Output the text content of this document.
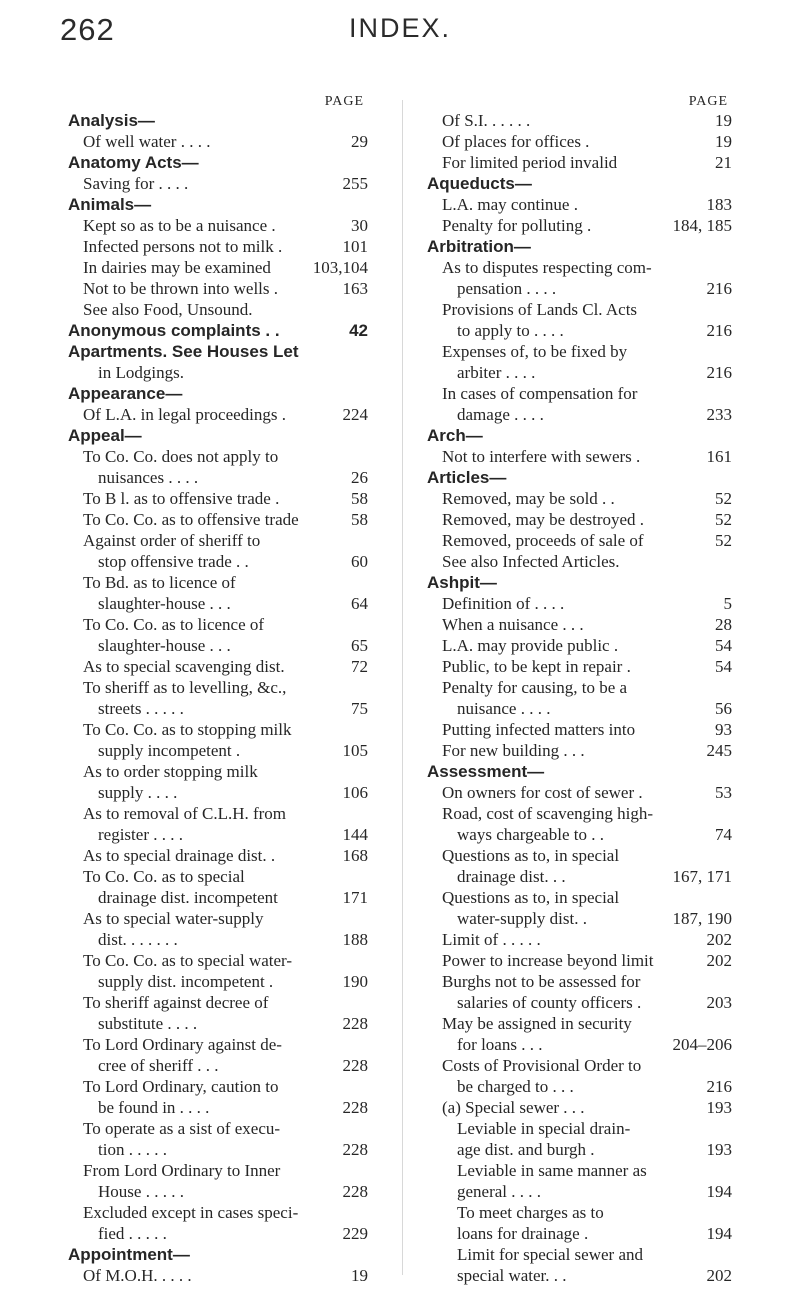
262	INDEX.
PAGE
Analysis—
Of well water . . . .	29
Anatomy Acts—
Saving for . . . .	255
Animals—
Kept so as to be a nuisance .	30
Infected persons not to milk .	101
In dairies may be examined	103,104
Not to be thrown into wells .	163
See also Food, Unsound.
Anonymous complaints . .	42
Apartments. See Houses Let
in Lodgings.
Appearance—
Of L.A. in legal proceedings .	224
Appeal—
To Co. Co. does not apply to
nuisances . . . .	26
To B l. as to offensive trade .	58
To Co. Co. as to offensive trade	58
Against order of sheriff to
stop offensive trade . .	60
To Bd. as to licence of
slaughter-house . . .	64
To Co. Co. as to licence of
slaughter-house . . .	65
As to special scavenging dist.	72
To sheriff as to levelling, &c.,
streets . . . . .	75
To Co. Co. as to stopping milk
supply incompetent .	105
As to order stopping milk
supply . . . .	106
As to removal of C.L.H. from
register . . . .	144
As to special drainage dist. .	168
To Co. Co. as to special
drainage dist. incompetent	171
As to special water-supply
dist. . . . . . .	188
To Co. Co. as to special water-
supply dist. incompetent .	190
To sheriff against decree of
substitute . . . .	228
To Lord Ordinary against de-
cree of sheriff . . .	228
To Lord Ordinary, caution to
be found in . . . .	228
To operate as a sist of execu-
tion . . . . .	228
From Lord Ordinary to Inner
House . . . . .	228
Excluded except in cases speci-
fied . . . . .	229
Appointment—
Of M.O.H. . . . .	19
PAGE
Of S.I. . . . . .	19
Of places for offices .	19
For limited period invalid	21
Aqueducts—
L.A. may continue .	183
Penalty for polluting .	184, 185
Arbitration—
As to disputes respecting com-
pensation . . . .	216
Provisions of Lands Cl. Acts
to apply to . . . .	216
Expenses of, to be fixed by
arbiter . . . .	216
In cases of compensation for
damage . . . .	233
Arch—
Not to interfere with sewers .	161
Articles—
Removed, may be sold . .	52
Removed, may be destroyed .	52
Removed, proceeds of sale of	52
See also Infected Articles.
Ashpit—
Definition of . . . .	5
When a nuisance . . .	28
L.A. may provide public .	54
Public, to be kept in repair .	54
Penalty for causing, to be a
nuisance . . . .	56
Putting infected matters into	93
For new building . . .	245
Assessment—
On owners for cost of sewer .	53
Road, cost of scavenging high-
ways chargeable to . .	74
Questions as to, in special
drainage dist. . .	167, 171
Questions as to, in special
water-supply dist. .	187, 190
Limit of . . . . .	202
Power to increase beyond limit	202
Burghs not to be assessed for
salaries of county officers .	203
May be assigned in security
for loans . . .	204–206
Costs of Provisional Order to
be charged to . . .	216
(a) Special sewer . . .	193
Leviable in special drain-
age dist. and burgh .	193
Leviable in same manner as
general . . . .	194
To meet charges as to
loans for drainage .	194
Limit for special sewer and
special water. . .	202
